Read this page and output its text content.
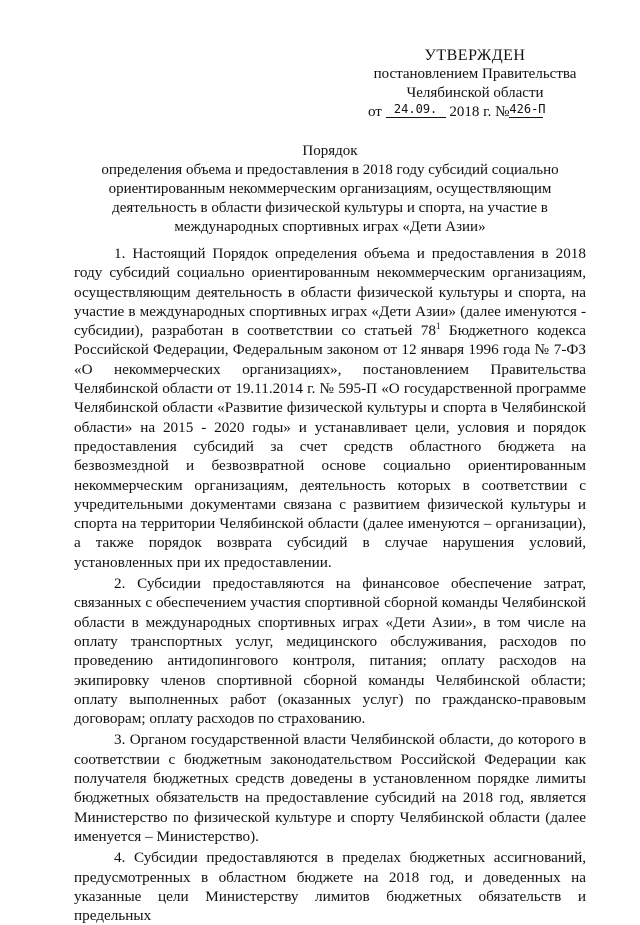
УТВЕРЖДЕН
постановлением Правительства
Челябинской области
от 24.09. 2018 г. №426-П
Порядок
определения объема и предоставления в 2018 году субсидий социально ориентированным некоммерческим организациям, осуществляющим деятельность в области физической культуры и спорта, на участие в международных спортивных играх «Дети Азии»

1. Настоящий Порядок определения объема и предоставления в 2018 году субсидий социально ориентированным некоммерческим организациям, осуществляющим деятельность в области физической культуры и спорта, на участие в международных спортивных играх «Дети Азии» (далее именуются - субсидии), разработан в соответствии со статьей $78^1$ Бюджетного кодекса Российской Федерации, Федеральным законом от 12 января 1996 года № 7-ФЗ «О некоммерческих организациях», постановлением Правительства Челябинской области от 19.11.2014 г. № 595-П «О государственной программе Челябинской области «Развитие физической культуры и спорта в Челябинской области» на 2015 - 2020 годы» и устанавливает цели, условия и порядок предоставления субсидий за счет средств областного бюджета на безвозмездной и безвозвратной основе социально ориентированным некоммерческим организациям, деятельность которых в соответствии с учредительными документами связана с развитием физической культуры и спорта на территории Челябинской области (далее именуются – организации), а также порядок возврата субсидий в случае нарушения условий, установленных при их предоставлении.

2. Субсидии предоставляются на финансовое обеспечение затрат, связанных с обеспечением участия спортивной сборной команды Челябинской области в международных спортивных играх «Дети Азии», в том числе на оплату транспортных услуг, медицинского обслуживания, расходов по проведению антидопингового контроля, питания; оплату расходов на экипировку членов спортивной сборной команды Челябинской области; оплату выполненных работ (оказанных услуг) по гражданско-правовым договорам; оплату расходов по страхованию.

3. Органом государственной власти Челябинской области, до которого в соответствии с бюджетным законодательством Российской Федерации как получателя бюджетных средств доведены в установленном порядке лимиты бюджетных обязательств на предоставление субсидий на 2018 год, является Министерство по физической культуре и спорту Челябинской области (далее именуется – Министерство).

4. Субсидии предоставляются в пределах бюджетных ассигнований, предусмотренных в областном бюджете на 2018 год, и доведенных на указанные цели Министерству лимитов бюджетных обязательств и предельных
